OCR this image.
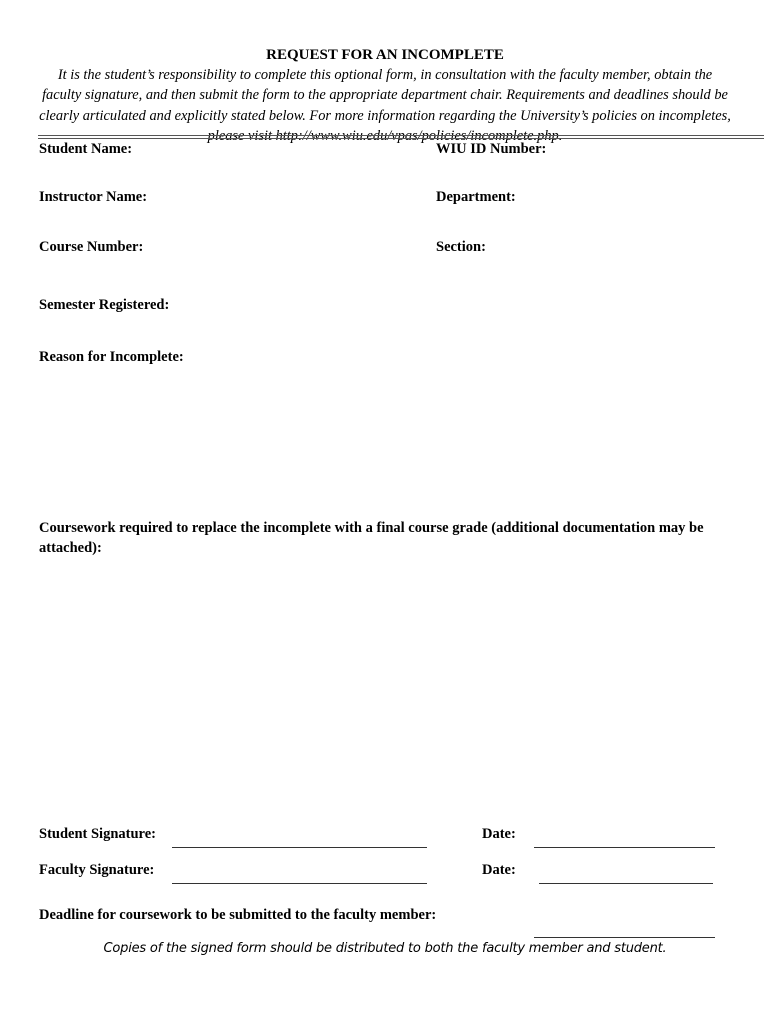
REQUEST FOR AN INCOMPLETE
It is the student’s responsibility to complete this optional form, in consultation with the faculty member, obtain the faculty signature, and then submit the form to the appropriate department chair. Requirements and deadlines should be clearly articulated and explicitly stated below. For more information regarding the University’s policies on incompletes, please visit http://www.wiu.edu/vpas/policies/incomplete.php.
Student Name:	WIU ID Number:
Instructor Name:	Department:
Course Number:	Section:
Semester Registered:
Reason for Incomplete:
Coursework required to replace the incomplete with a final course grade (additional documentation may be attached):
Student Signature:	Date:
Faculty Signature:	Date:
Deadline for coursework to be submitted to the faculty member:
Copies of the signed form should be distributed to both the faculty member and student.
